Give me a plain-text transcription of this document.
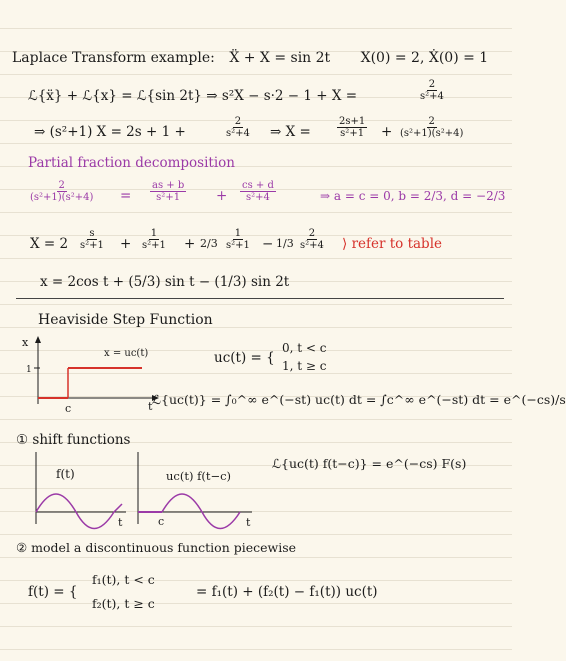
Laplace Transform example: Ẍ + X = sin 2t X(0) = 2, Ẋ(0) = 1
ℒ{ẍ} + ℒ{x} = ℒ{sin 2t} ⇒ s²X − s·2 − 1 + X =	$\frac{2}{\text{s²+4}}$
⇒ (s²+1) X = 2s + 1 +	$\frac{2}{\text{s²+4}}$ ⇒ X =	$\frac{2s+1}{\text{s²+1}} + \frac{2}{\text{(s²+1)(s²+4)}}$
Partial fraction decomposition
$\frac{2}{\text{(s²+1)(s²+4)}} = \frac{as + b}{\text{s²+1}} + \frac{cs + d}{\text{s²+4}}$	⇒ a = c = 0, b = 2/3, d = −2/3
$X = 2 \frac{s}{\text{s²+1}} + \frac{1}{\text{s²+1}} + 2/3 \frac{1}{\text{s²+1}} - 1/3 \frac{2}{\text{s²+4}}$ ⟩ refer to table
x = 2cos t + (5/3) sin t − (1/3) sin 2t
Heaviside Step Function
x
1
c	t
x = uc(t)	uc(t) = {
0, t < c
1, t ≥ c
ℒ{uc(t)} = ∫₀^∞ e^(−st) uc(t) dt = ∫c^∞ e^(−st) dt = e^(−cs)/s
① shift functions
f(t)
t
uc(t) f(t−c)
c	t
ℒ{uc(t) f(t−c)} = e^(−cs) F(s)
② model a discontinuous function piecewise
f(t) = {
f₁(t), t < c
f₂(t), t ≥ c
= f₁(t) + (f₂(t) − f₁(t)) uc(t)
